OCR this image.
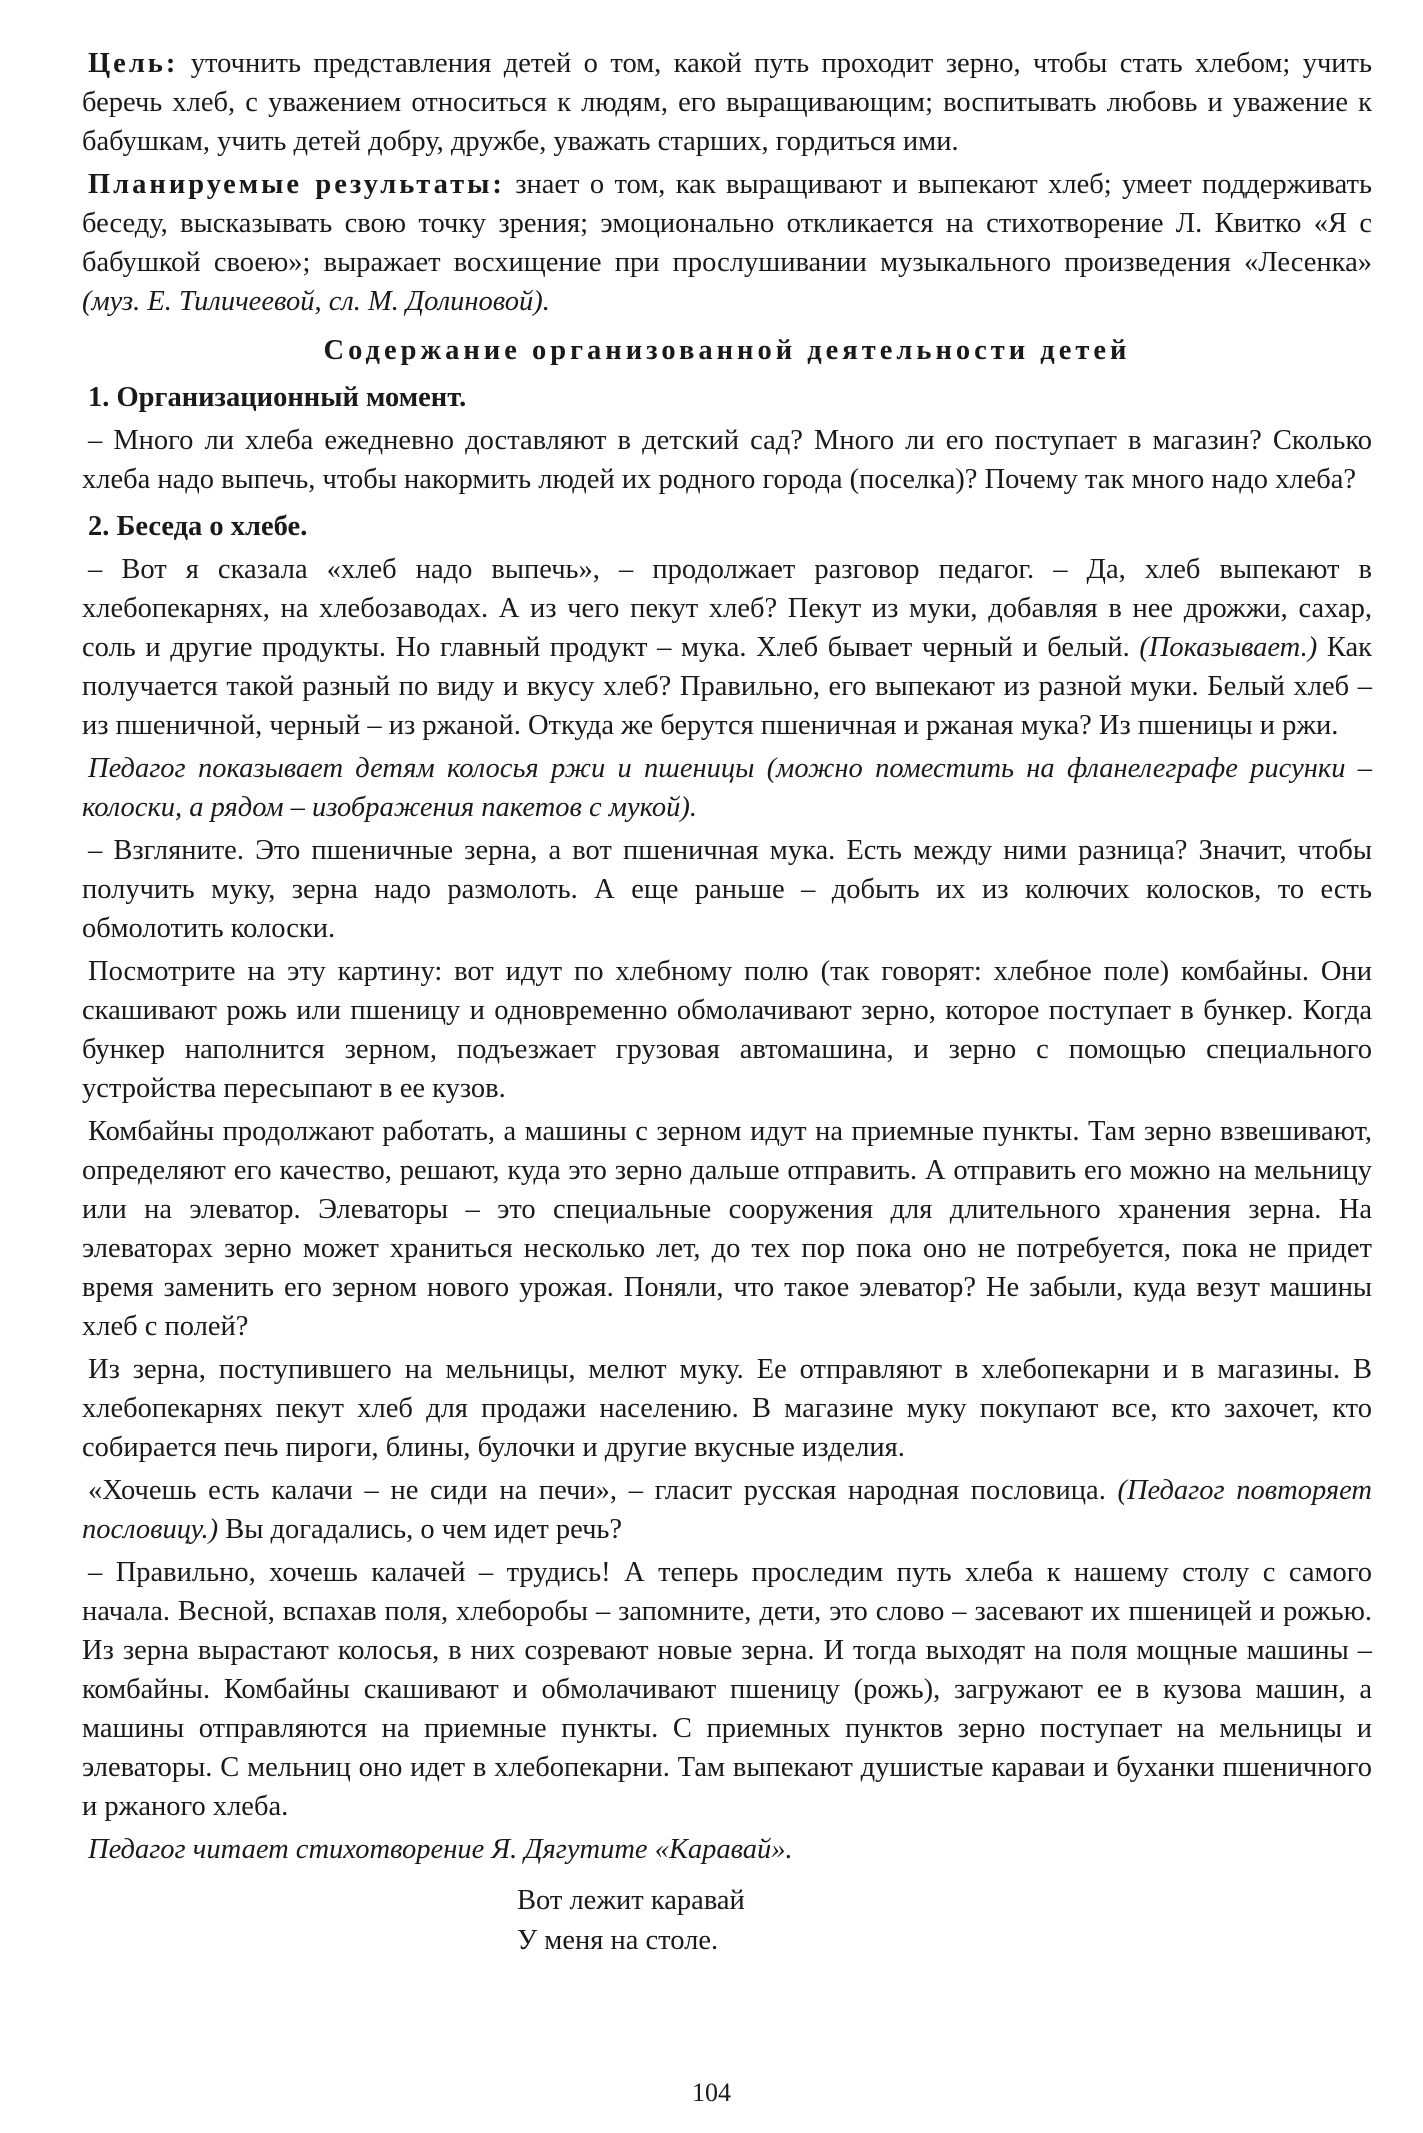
Цель: уточнить представления детей о том, какой путь проходит зерно, чтобы стать хлебом; учить беречь хлеб, с уважением относиться к людям, его выращивающим; воспитывать любовь и уважение к бабушкам, учить детей добру, дружбе, уважать старших, гордиться ими.

Планируемые результаты: знает о том, как выращивают и выпекают хлеб; умеет поддерживать беседу, высказывать свою точку зрения; эмоционально откликается на стихотворение Л. Квитко «Я с бабушкой своею»; выражает восхищение при прослушивании музыкального произведения «Лесенка» (муз. Е. Тиличеевой, сл. М. Долиновой).

Содержание организованной деятельности детей

1. Организационный момент.

– Много ли хлеба ежедневно доставляют в детский сад? Много ли его поступает в магазин? Сколько хлеба надо выпечь, чтобы накормить людей их родного города (поселка)? Почему так много надо хлеба?

2. Беседа о хлебе.

– Вот я сказала «хлеб надо выпечь», – продолжает разговор педагог. – Да, хлеб выпекают в хлебопекарнях, на хлебозаводах. А из чего пекут хлеб? Пекут из муки, добавляя в нее дрожжи, сахар, соль и другие продукты. Но главный продукт – мука. Хлеб бывает черный и белый. (Показывает.) Как получается такой разный по виду и вкусу хлеб? Правильно, его выпекают из разной муки. Белый хлеб – из пшеничной, черный – из ржаной. Откуда же берутся пшеничная и ржаная мука? Из пшеницы и ржи.

Педагог показывает детям колосья ржи и пшеницы (можно поместить на фланелеграфе рисунки – колоски, а рядом – изображения пакетов с мукой).

– Взгляните. Это пшеничные зерна, а вот пшеничная мука. Есть между ними разница? Значит, чтобы получить муку, зерна надо размолоть. А еще раньше – добыть их из колючих колосков, то есть обмолотить колоски.

Посмотрите на эту картину: вот идут по хлебному полю (так говорят: хлебное поле) комбайны. Они скашивают рожь или пшеницу и одновременно обмолачивают зерно, которое поступает в бункер. Когда бункер наполнится зерном, подъезжает грузовая автомашина, и зерно с помощью специального устройства пересыпают в ее кузов.

Комбайны продолжают работать, а машины с зерном идут на приемные пункты. Там зерно взвешивают, определяют его качество, решают, куда это зерно дальше отправить. А отправить его можно на мельницу или на элеватор. Элеваторы – это специальные сооружения для длительного хранения зерна. На элеваторах зерно может храниться несколько лет, до тех пор пока оно не потребуется, пока не придет время заменить его зерном нового урожая. Поняли, что такое элеватор? Не забыли, куда везут машины хлеб с полей?

Из зерна, поступившего на мельницы, мелют муку. Ее отправляют в хлебопекарни и в магазины. В хлебопекарнях пекут хлеб для продажи населению. В магазине муку покупают все, кто захочет, кто собирается печь пироги, блины, булочки и другие вкусные изделия.

«Хочешь есть калачи – не сиди на печи», – гласит русская народная пословица. (Педагог повторяет пословицу.) Вы догадались, о чем идет речь?

– Правильно, хочешь калачей – трудись! А теперь проследим путь хлеба к нашему столу с самого начала. Весной, вспахав поля, хлеборобы – запомните, дети, это слово – засевают их пшеницей и рожью. Из зерна вырастают колосья, в них созревают новые зерна. И тогда выходят на поля мощные машины – комбайны. Комбайны скашивают и обмолачивают пшеницу (рожь), загружают ее в кузова машин, а машины отправляются на приемные пункты. С приемных пунктов зерно поступает на мельницы и элеваторы. С мельниц оно идет в хлебопекарни. Там выпекают душистые караваи и буханки пшеничного и ржаного хлеба.

Педагог читает стихотворение Я. Дягутите «Каравай».

Вот лежит каравай
У меня на столе.
104
